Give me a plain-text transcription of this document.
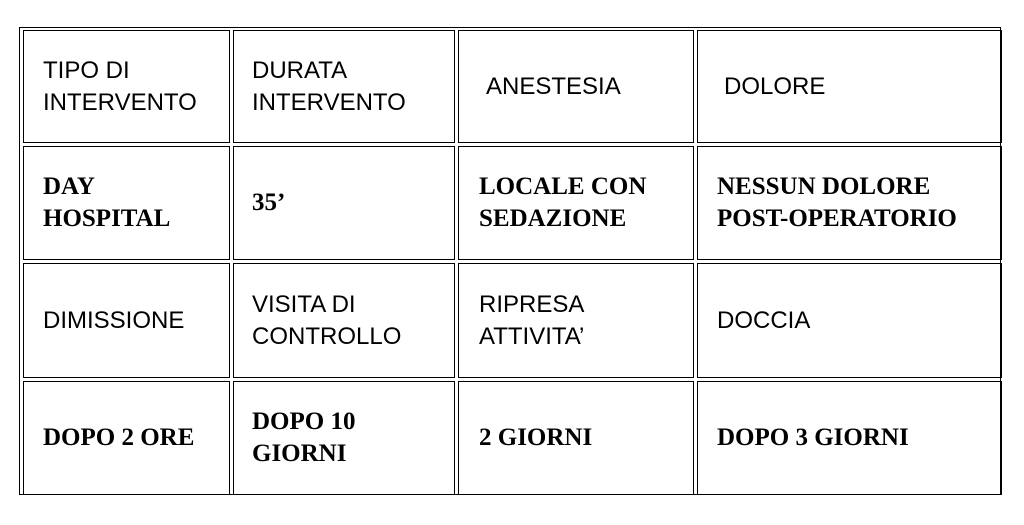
TIPO DI
INTERVENTO
DURATA
INTERVENTO
ANESTESIA	DOLORE
DAY
HOSPITAL
35’
LOCALE CON
SEDAZIONE
NESSUN DOLORE
POST-OPERATORIO
DIMISSIONE
VISITA DI
CONTROLLO
RIPRESA
ATTIVITA’
DOCCIA
DOPO 2 ORE
DOPO 10
GIORNI
2 GIORNI	DOPO 3 GIORNI
